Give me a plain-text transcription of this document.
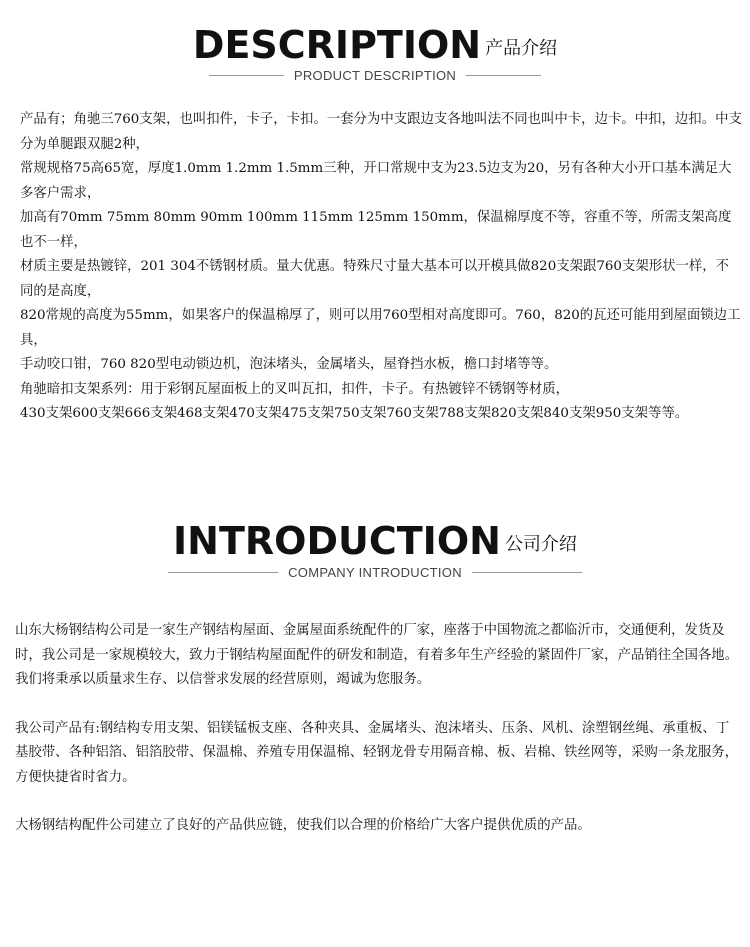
DESCRIPTION 产品介绍
PRODUCT DESCRIPTION
产品有；角驰三760支架，也叫扣件，卡子，卡扣。一套分为中支跟边支各地叫法不同也叫中卡，边卡。中扣，边扣。中支分为单腿跟双腿2种，
常规规格75高65宽，厚度1.0mm 1.2mm 1.5mm三种，开口常规中支为23.5边支为20，另有各种大小开口基本满足大多客户需求，
加高有70mm 75mm 80mm 90mm 100mm 115mm 125mm 150mm，保温棉厚度不等，容重不等，所需支架高度也不一样，
材质主要是热镀锌，201 304不锈钢材质。量大优惠。特殊尺寸量大基本可以开模具做820支架跟760支架形状一样，不同的是高度，
820常规的高度为55mm，如果客户的保温棉厚了，则可以用760型相对高度即可。760，820的瓦还可能用到屋面锁边工具，
手动咬口钳，760 820型电动锁边机，泡沫堵头，金属堵头，屋脊挡水板，檐口封堵等等。
角驰暗扣支架系列：用于彩钢瓦屋面板上的叉叫瓦扣，扣件，卡子。有热镀锌不锈钢等材质，
430支架600支架666支架468支架470支架475支架750支架760支架788支架820支架840支架950支架等等。
INTRODUCTION 公司介绍
COMPANY INTRODUCTION
山东大杨钢结构公司是一家生产钢结构屋面、金属屋面系统配件的厂家，座落于中国物流之都临沂市，交通便利，发货及时，我公司是一家规模较大，致力于钢结构屋面配件的研发和制造，有着多年生产经验的紧固件厂家，产品销往全国各地。
我们将秉承以质量求生存、以信誉求发展的经营原则，竭诚为您服务。
我公司产品有:钢结构专用支架、铝镁锰板支座、各种夹具、金属堵头、泡沫堵头、压条、风机、涂塑钢丝绳、承重板、丁基胶带、各种铝箔、铝箔胶带、保温棉、养殖专用保温棉、轻钢龙骨专用隔音棉、板、岩棉、铁丝网等，采购一条龙服务，方便快捷省时省力。
大杨钢结构配件公司建立了良好的产品供应链，使我们以合理的价格给广大客户提供优质的产品。
